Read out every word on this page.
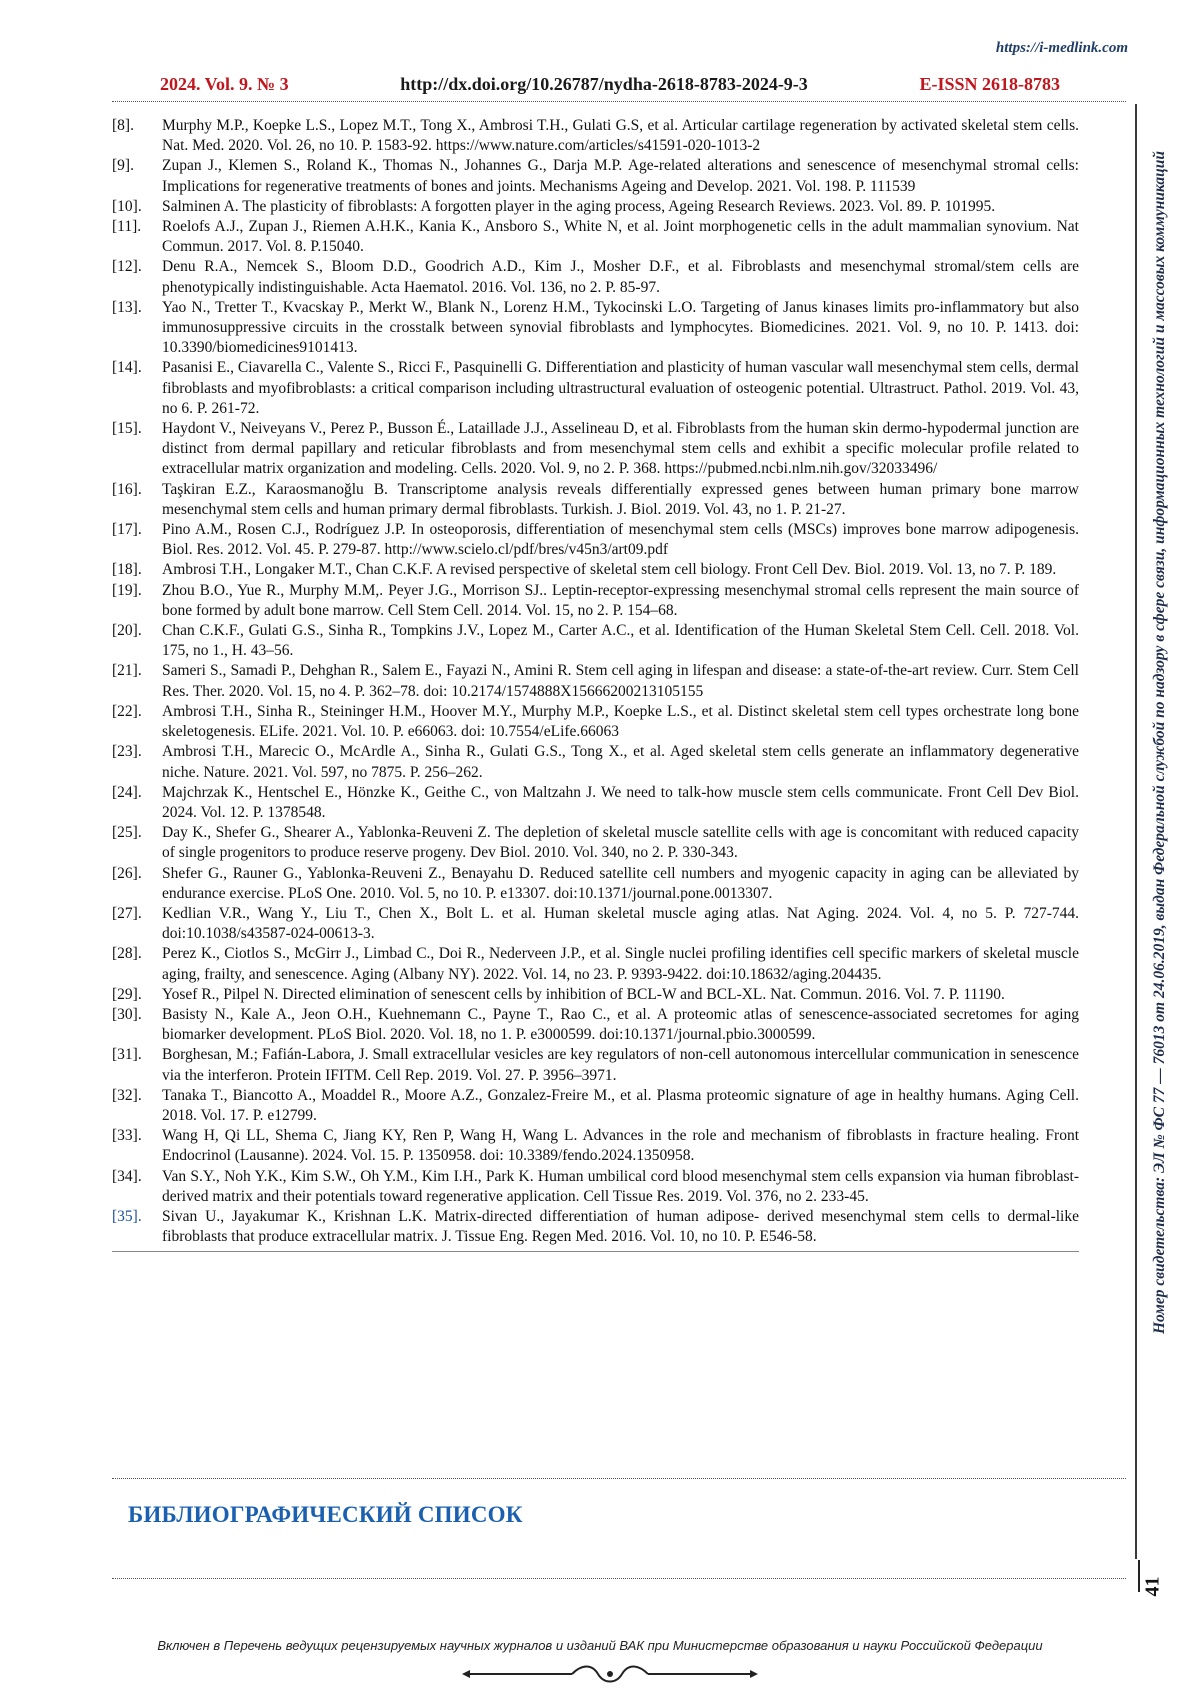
https://i-medlink.com
2024. Vol. 9. № 3	http://dx.doi.org/10.26787/nydha-2618-8783-2024-9-3	E-ISSN 2618-8783
[8].	Murphy M.P., Koepke L.S., Lopez M.T., Tong X., Ambrosi T.H., Gulati G.S, et al. Articular cartilage regeneration by activated skeletal stem cells. Nat. Med. 2020. Vol. 26, no 10. P. 1583-92. https://www.nature.com/articles/s41591-020-1013-2
[9].	Zupan J., Klemen S., Roland K., Thomas N., Johannes G., Darja M.P. Age-related alterations and senescence of mesenchymal stromal cells: Implications for regenerative treatments of bones and joints. Mechanisms Ageing and Develop. 2021. Vol. 198. P. 111539
[10].	Salminen A. The plasticity of fibroblasts: A forgotten player in the aging process, Ageing Research Reviews. 2023. Vol. 89. P. 101995.
[11].	Roelofs A.J., Zupan J., Riemen A.H.K., Kania K., Ansboro S., White N, et al. Joint morphogenetic cells in the adult mammalian synovium. Nat Commun. 2017. Vol. 8. P.15040.
[12].	Denu R.A., Nemcek S., Bloom D.D., Goodrich A.D., Kim J., Mosher D.F., et al. Fibroblasts and mesenchymal stromal/stem cells are phenotypically indistinguishable. Acta Haematol. 2016. Vol. 136, no 2. P. 85-97.
[13].	Yao N., Tretter T., Kvacskay P., Merkt W., Blank N., Lorenz H.M., Tykocinski L.O. Targeting of Janus kinases limits pro-inflammatory but also immunosuppressive circuits in the crosstalk between synovial fibroblasts and lymphocytes. Biomedicines. 2021. Vol. 9, no 10. P. 1413. doi: 10.3390/biomedicines9101413.
[14].	Pasanisi E., Ciavarella C., Valente S., Ricci F., Pasquinelli G. Differentiation and plasticity of human vascular wall mesenchymal stem cells, dermal fibroblasts and myofibroblasts: a critical comparison including ultrastructural evaluation of osteogenic potential. Ultrastruct. Pathol. 2019. Vol. 43, no 6. P. 261-72.
[15].	Haydont V., Neiveyans V., Perez P., Busson É., Lataillade J.J., Asselineau D, et al. Fibroblasts from the human skin dermo-hypodermal junction are distinct from dermal papillary and reticular fibroblasts and from mesenchymal stem cells and exhibit a specific molecular profile related to extracellular matrix organization and modeling. Cells. 2020. Vol. 9, no 2. P. 368. https://pubmed.ncbi.nlm.nih.gov/32033496/
[16].	Taşkiran E.Z., Karaosmanoğlu B. Transcriptome analysis reveals differentially expressed genes between human primary bone marrow mesenchymal stem cells and human primary dermal fibroblasts. Turkish. J. Biol. 2019. Vol. 43, no 1. P. 21-27.
[17].	Pino A.M., Rosen C.J., Rodríguez J.P. In osteoporosis, differentiation of mesenchymal stem cells (MSCs) improves bone marrow adipogenesis. Biol. Res. 2012. Vol. 45. P. 279-87. http://www.scielo.cl/pdf/bres/v45n3/art09.pdf
[18].	Ambrosi T.H., Longaker M.T., Chan C.K.F. A revised perspective of skeletal stem cell biology. Front Cell Dev. Biol. 2019. Vol. 13, no 7. P. 189.
[19].	Zhou B.O., Yue R., Murphy M.M,. Peyer J.G., Morrison SJ.. Leptin-receptor-expressing mesenchymal stromal cells represent the main source of bone formed by adult bone marrow. Cell Stem Cell. 2014. Vol. 15, no 2. P. 154–68.
[20].	Chan C.K.F., Gulati G.S., Sinha R., Tompkins J.V., Lopez M., Carter A.C., et al. Identification of the Human Skeletal Stem Cell. Cell. 2018. Vol. 175, no 1., H. 43–56.
[21].	Sameri S., Samadi P., Dehghan R., Salem E., Fayazi N., Amini R. Stem cell aging in lifespan and disease: a state-of-the-art review. Curr. Stem Cell Res. Ther. 2020. Vol. 15, no 4. P. 362–78. doi: 10.2174/1574888X15666200213105155
[22].	Ambrosi T.H., Sinha R., Steininger H.M., Hoover M.Y., Murphy M.P., Koepke L.S., et al. Distinct skeletal stem cell types orchestrate long bone skeletogenesis. ELife. 2021. Vol. 10. P. e66063. doi: 10.7554/eLife.66063
[23].	Ambrosi T.H., Marecic O., McArdle A., Sinha R., Gulati G.S., Tong X., et al. Aged skeletal stem cells generate an inflammatory degenerative niche. Nature. 2021. Vol. 597, no 7875. P. 256–262.
[24].	Majchrzak K., Hentschel E., Hönzke K., Geithe C., von Maltzahn J. We need to talk-how muscle stem cells communicate. Front Cell Dev Biol. 2024. Vol. 12. P. 1378548.
[25].	Day K., Shefer G., Shearer A., Yablonka-Reuveni Z. The depletion of skeletal muscle satellite cells with age is concomitant with reduced capacity of single progenitors to produce reserve progeny. Dev Biol. 2010. Vol. 340, no 2. P. 330-343.
[26].	Shefer G., Rauner G., Yablonka-Reuveni Z., Benayahu D. Reduced satellite cell numbers and myogenic capacity in aging can be alleviated by endurance exercise. PLoS One. 2010. Vol. 5, no 10. P. e13307. doi:10.1371/journal.pone.0013307.
[27].	Kedlian V.R., Wang Y., Liu T., Chen X., Bolt L. et al. Human skeletal muscle aging atlas. Nat Aging. 2024. Vol. 4, no 5. P. 727-744. doi:10.1038/s43587-024-00613-3.
[28].	Perez K., Ciotlos S., McGirr J., Limbad C., Doi R., Nederveen J.P., et al. Single nuclei profiling identifies cell specific markers of skeletal muscle aging, frailty, and senescence. Aging (Albany NY). 2022. Vol. 14, no 23. P. 9393-9422. doi:10.18632/aging.204435.
[29].	Yosef R., Pilpel N. Directed elimination of senescent cells by inhibition of BCL-W and BCL-XL. Nat. Commun. 2016. Vol. 7. P. 11190.
[30].	Basisty N., Kale A., Jeon O.H., Kuehnemann C., Payne T., Rao C., et al. A proteomic atlas of senescence-associated secretomes for aging biomarker development. PLoS Biol. 2020. Vol. 18, no 1. P. e3000599. doi:10.1371/journal.pbio.3000599.
[31].	Borghesan, M.; Fafián-Labora, J. Small extracellular vesicles are key regulators of non-cell autonomous intercellular communication in senescence via the interferon. Protein IFITM. Cell Rep. 2019. Vol. 27. P. 3956–3971.
[32].	Tanaka T., Biancotto A., Moaddel R., Moore A.Z., Gonzalez-Freire M., et al. Plasma proteomic signature of age in healthy humans. Aging Cell. 2018. Vol. 17. P. e12799.
[33].	Wang H, Qi LL, Shema C, Jiang KY, Ren P, Wang H, Wang L. Advances in the role and mechanism of fibroblasts in fracture healing. Front Endocrinol (Lausanne). 2024. Vol. 15. P. 1350958. doi: 10.3389/fendo.2024.1350958.
[34].	Van S.Y., Noh Y.K., Kim S.W., Oh Y.M., Kim I.H., Park K. Human umbilical cord blood mesenchymal stem cells expansion via human fibroblast-derived matrix and their potentials toward regenerative application. Cell Tissue Res. 2019. Vol. 376, no 2. 233-45.
[35].	Sivan U., Jayakumar K., Krishnan L.K. Matrix-directed differentiation of human adipose- derived mesenchymal stem cells to dermal-like fibroblasts that produce extracellular matrix. J. Tissue Eng. Regen Med. 2016. Vol. 10, no 10. P. E546-58.
БИБЛИОГРАФИЧЕСКИЙ СПИСОК
Номер свидетельства: ЭЛ № ФС 77 — 76013 от 24.06.2019, выдан Федеральной службой по надзору в сфере связи, информационных технологий и массовых коммуникаций
41
Включен в Перечень ведущих рецензируемых научных журналов и изданий ВАК при Министерстве образования и науки Российской Федерации
